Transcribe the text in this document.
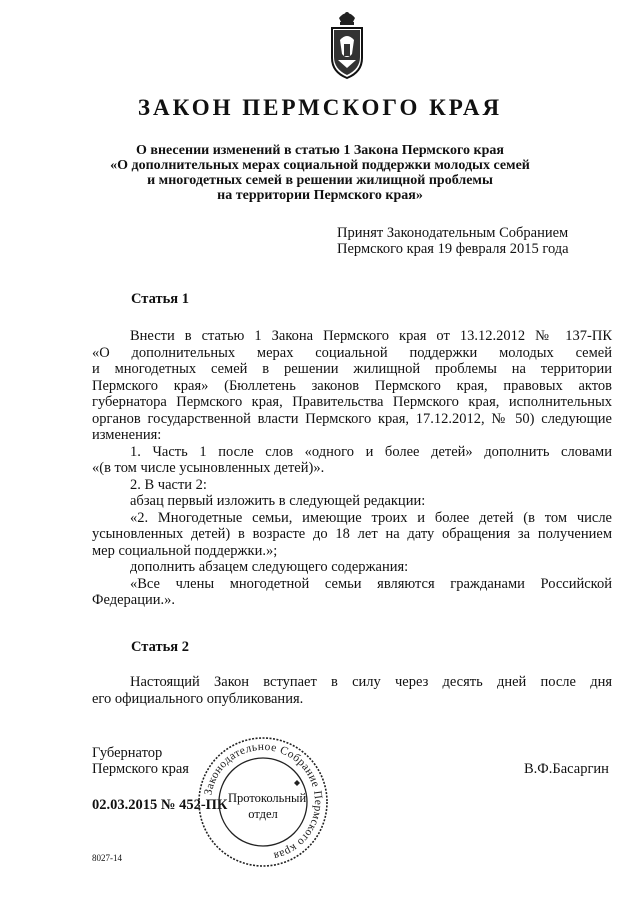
ЗАКОН ПЕРМСКОГО КРАЯ
О внесении изменений в статью 1 Закона Пермского края
«О дополнительных мерах социальной поддержки молодых семей
и многодетных семей в решении жилищной проблемы
на территории Пермского края»
Принят Законодательным Собранием
Пермского края 19 февраля 2015 года
Статья 1
Внести в статью 1 Закона Пермского края от 13.12.2012 № 137-ПК
«О дополнительных мерах социальной поддержки молодых семей
и многодетных семей в решении жилищной проблемы на территории
Пермского края» (Бюллетень законов Пермского края, правовых актов
губернатора Пермского края, Правительства Пермского края, исполнительных
органов государственной власти Пермского края, 17.12.2012, № 50) следующие
изменения:
1. Часть 1 после слов «одного и более детей» дополнить словами
«(в том числе усыновленных детей)».
2. В части 2:
абзац первый изложить в следующей редакции:
«2. Многодетные семьи, имеющие троих и более детей (в том числе
усыновленных детей) в возрасте до 18 лет на дату обращения за получением
мер социальной поддержки.»;
дополнить абзацем следующего содержания:
«Все члены многодетной семьи являются гражданами Российской
Федерации.».
Статья 2
Настоящий Закон вступает в силу через десять дней после дня
его официального опубликования.
Губернатор
Пермского края	В.Ф.Басаргин
02.03.2015 № 452-ПК
8027-14
Законодательное Собрание Пермского края
Протокольный
отдел
